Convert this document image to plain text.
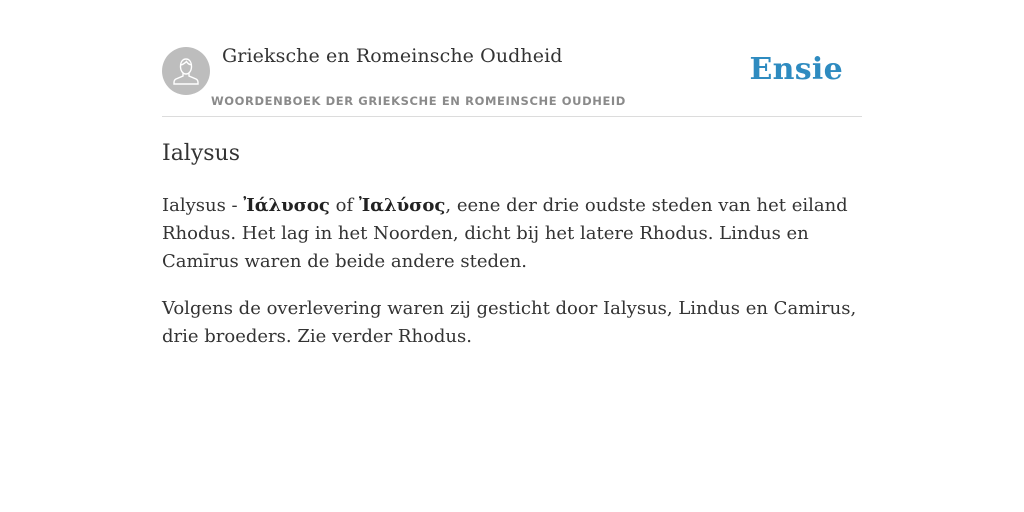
Grieksche en Romeinsche Oudheid
WOORDENBOEK DER GRIEKSCHE EN ROMEINSCHE OUDHEID
Ensie
Ialysus

Ialysus - Ἰάλυσος of Ἰαλύσος, eene der drie oudste steden van het eiland Rhodus. Het lag in het Noorden, dicht bij het latere Rhodus. Lindus en Camīrus waren de beide andere steden.

Volgens de overlevering waren zij gesticht door Ialysus, Lindus en Camirus, drie broeders. Zie verder Rhodus.
